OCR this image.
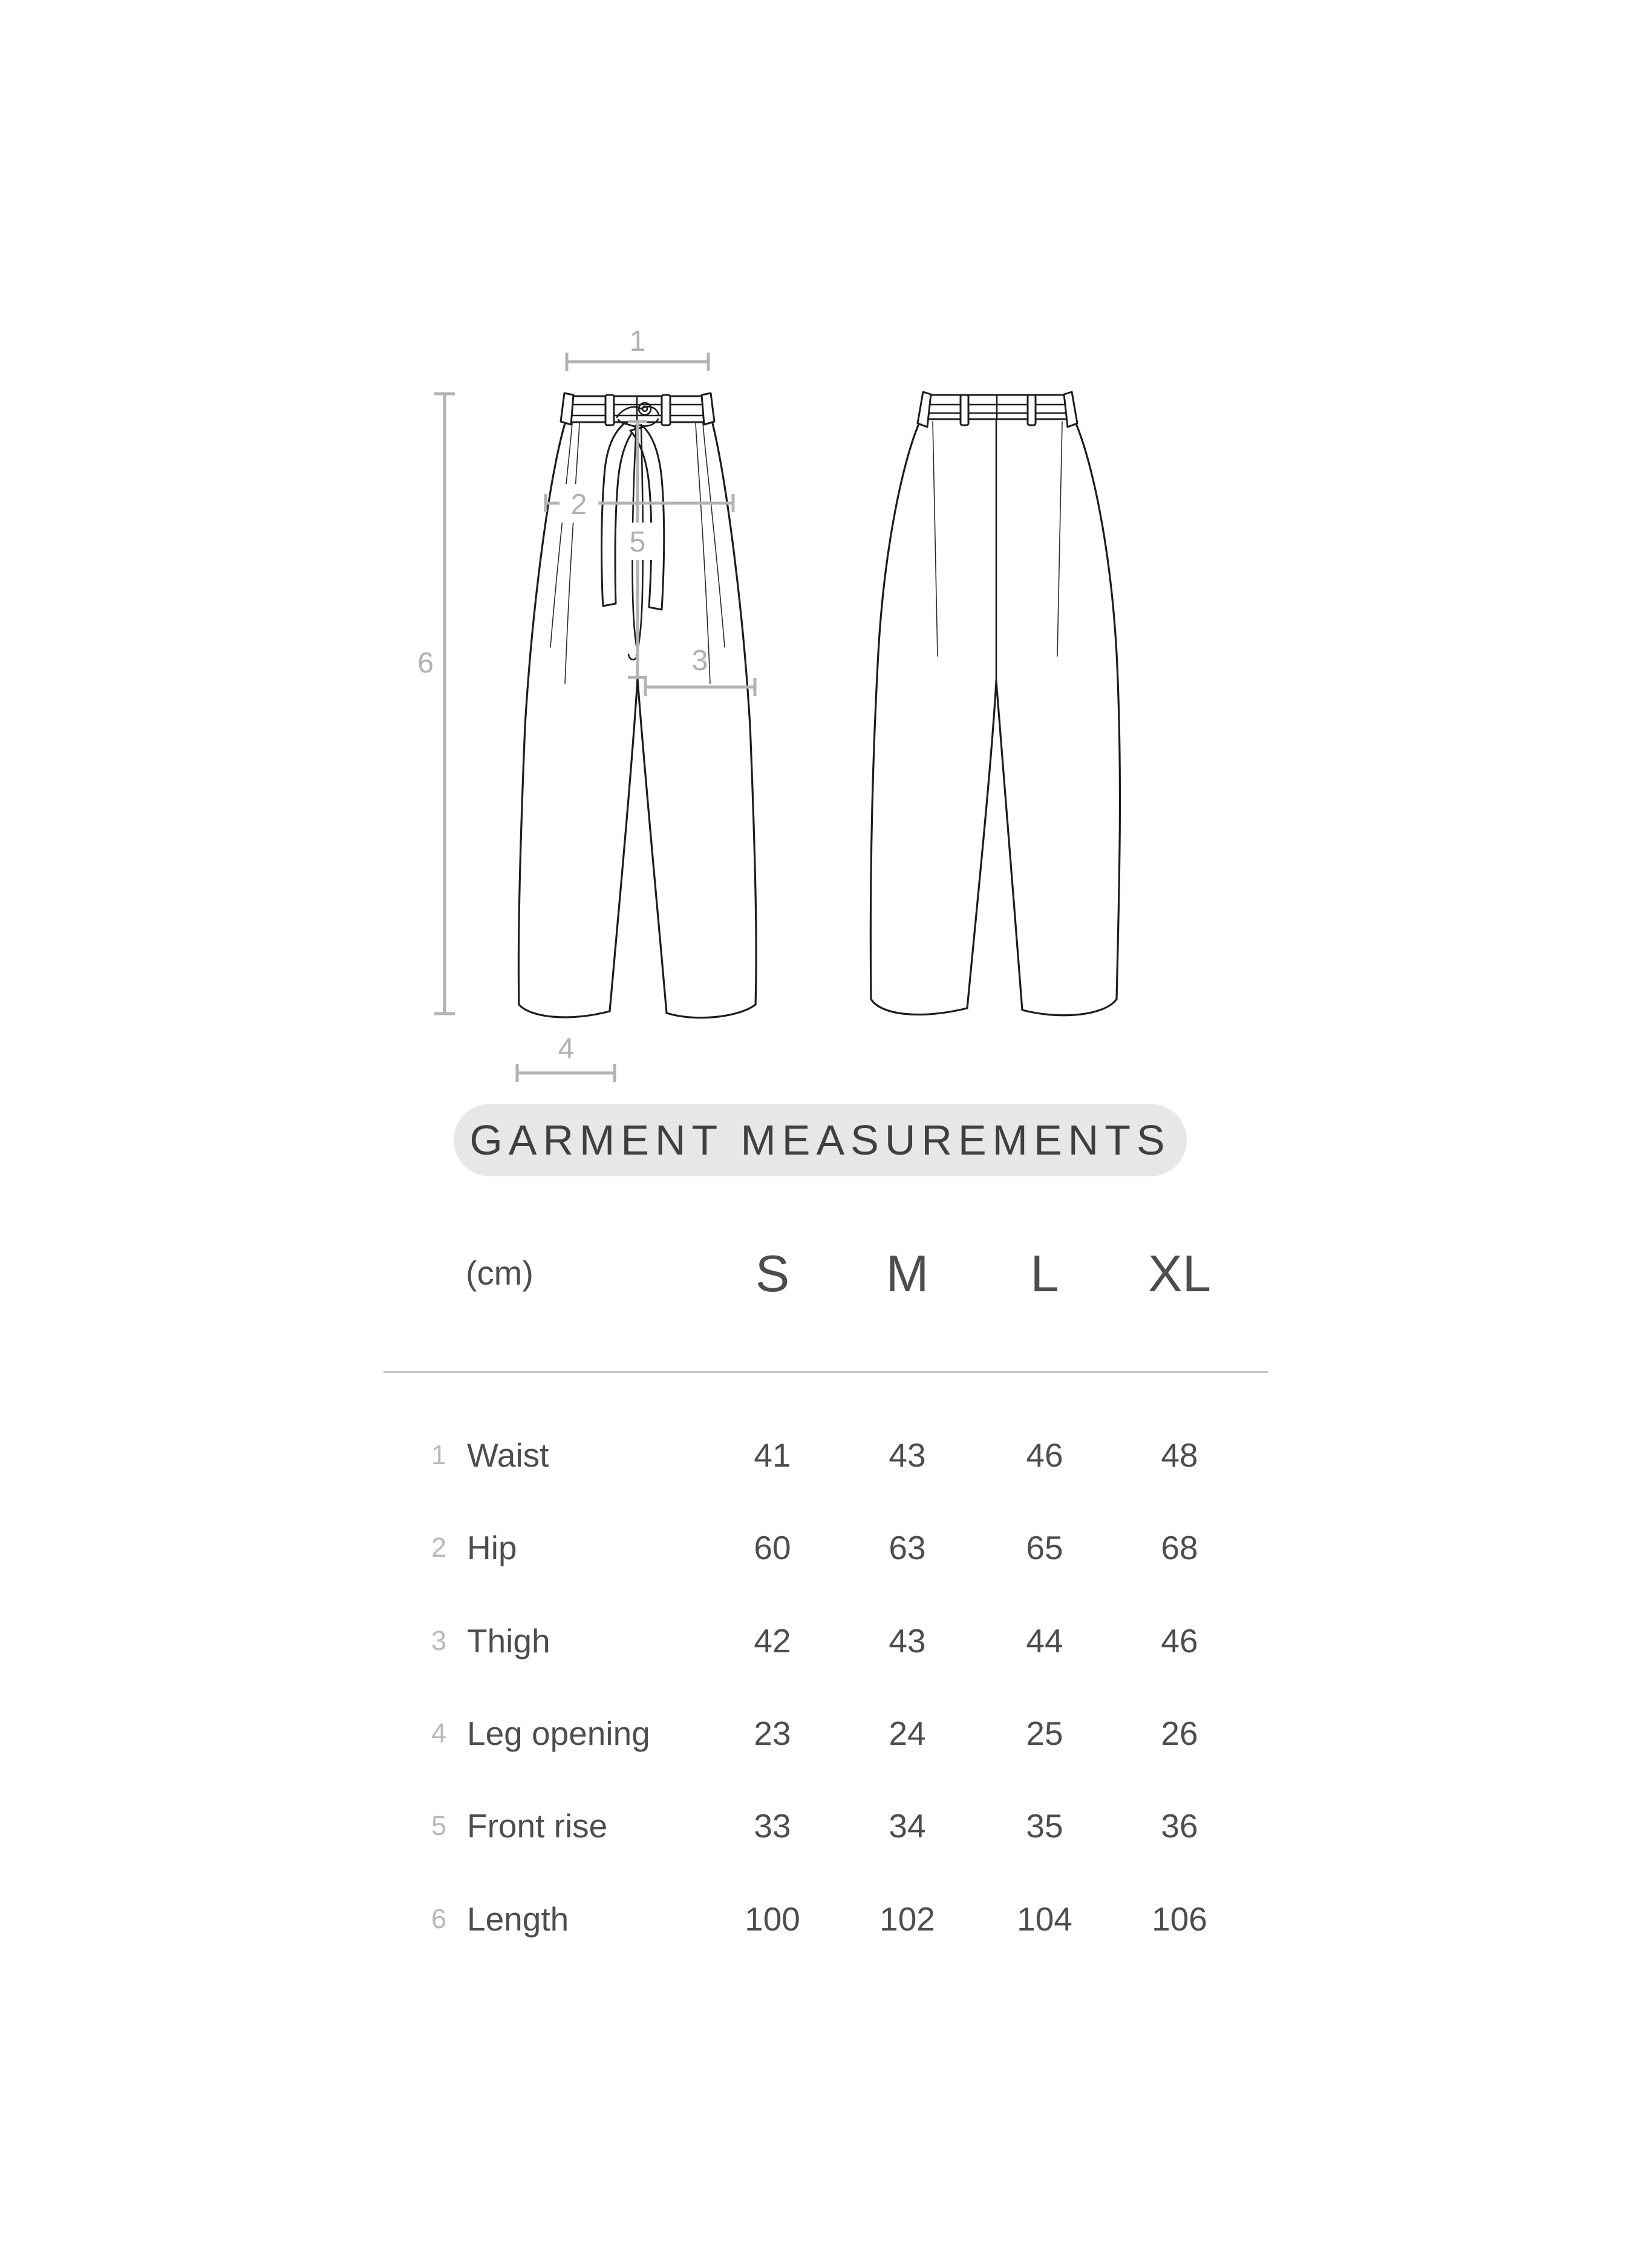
1
6
2
5
3
4
GARMENT MEASUREMENTS
(cm)	S	M	L	XL
1 Waist	41	43	46	48
2 Hip	60	63	65	68
3 Thigh	42	43	44	46
4 Leg opening	23	24	25	26
5 Front rise	33	34	35	36
6 Length	100	102	104	106
